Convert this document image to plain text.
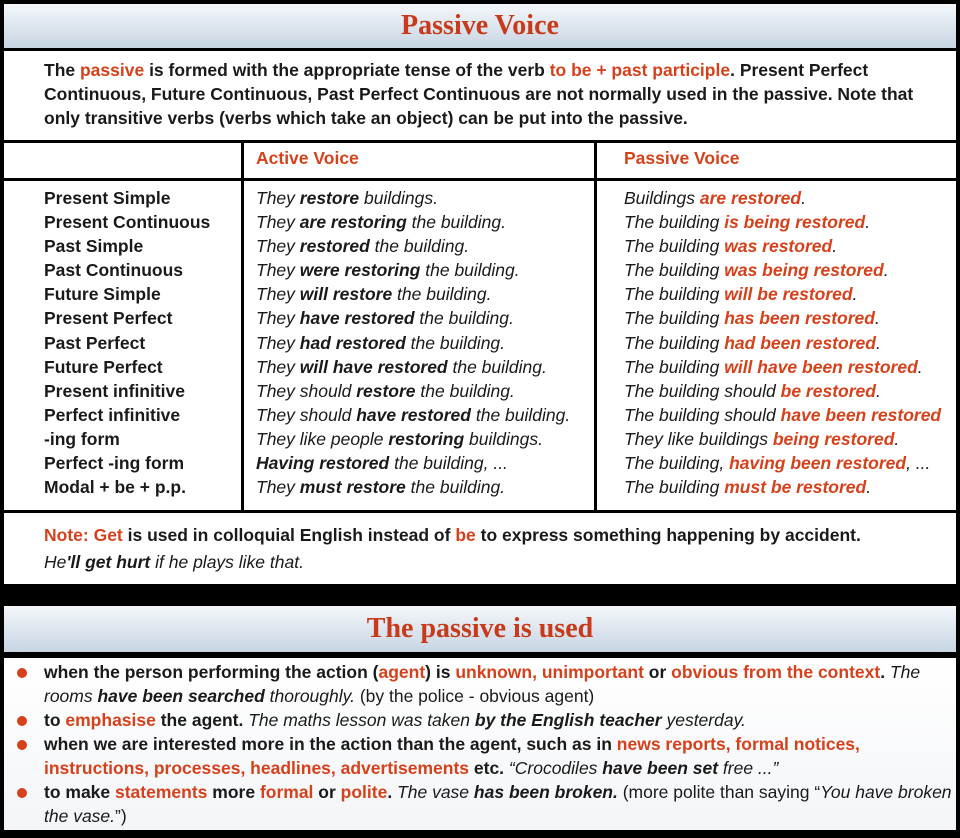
Passive Voice
The passive is formed with the appropriate tense of the verb to be + past participle. Present Perfect Continuous, Future Continuous, Past Perfect Continuous are not normally used in the passive. Note that only transitive verbs (verbs which take an object) can be put into the passive.
Active Voice	Passive Voice
Present Simple
Present Continuous
Past Simple
Past Continuous
Future Simple
Present Perfect
Past Perfect
Future Perfect
Present infinitive
Perfect infinitive
-ing form
Perfect -ing form
Modal + be + p.p.
They restore buildings.
They are restoring the building.
They restored the building.
They were restoring the building.
They will restore the building.
They have restored the building.
They had restored the building.
They will have restored the building.
They should restore the building.
They should have restored the building.
They like people restoring buildings.
Having restored the building, ...
They must restore the building.
Buildings are restored.
The building is being restored.
The building was restored.
The building was being restored.
The building will be restored.
The building has been restored.
The building had been restored.
The building will have been restored.
The building should be restored.
The building should have been restored
They like buildings being restored.
The building, having been restored, ...
The building must be restored.
Note: Get is used in colloquial English instead of be to express something happening by accident.
He'll get hurt if he plays like that.
The passive is used
when the person performing the action (agent) is unknown, unimportant or obvious from the context. The rooms have been searched thoroughly. (by the police - obvious agent)
to emphasise the agent. The maths lesson was taken by the English teacher yesterday.
when we are interested more in the action than the agent, such as in news reports, formal notices, instructions, processes, headlines, advertisements etc. “Crocodiles have been set free ...”
to make statements more formal or polite. The vase has been broken. (more polite than saying “You have broken the vase.”)
